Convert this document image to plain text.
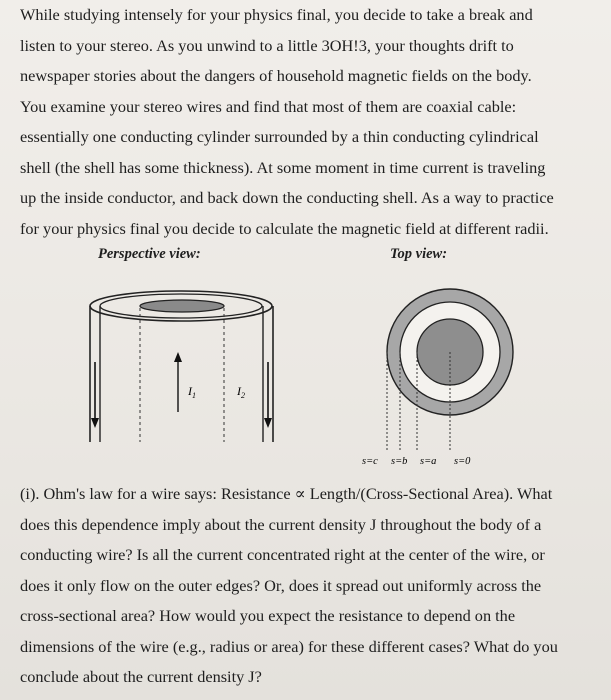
While studying intensely for your physics final, you decide to take a break and
listen to your stereo. As you unwind to a little 3OH!3, your thoughts drift to
newspaper stories about the dangers of household magnetic fields on the body.
You examine your stereo wires and find that most of them are coaxial cable:
essentially one conducting cylinder surrounded by a thin conducting cylindrical
shell (the shell has some thickness). At some moment in time current is traveling
up the inside conductor, and back down the conducting shell. As a way to practice
for your physics final you decide to calculate the magnetic field at different radii.
Perspective view:	Top view:
$I_1$	$I_2$
s=c s=b s=a s=0
(i). Ohm's law for a wire says: Resistance ∝ Length/(Cross-Sectional Area). What
does this dependence imply about the current density J throughout the body of a
conducting wire? Is all the current concentrated right at the center of the wire, or
does it only flow on the outer edges? Or, does it spread out uniformly across the
cross-sectional area? How would you expect the resistance to depend on the
dimensions of the wire (e.g., radius or area) for these different cases? What do you
conclude about the current density J?
